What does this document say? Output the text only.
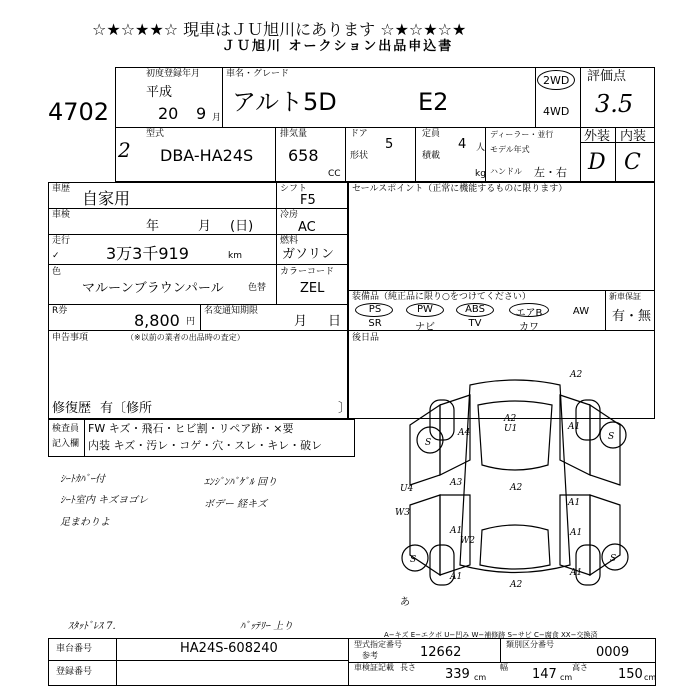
☆★☆★★☆ 現車はＪＵ旭川にあります ☆★☆★☆★
ＪＵ旭川 オークション出品申込書
4702
2
初度登録年月
平成
20 9 月
車名・グレード
アルト5D	E2
2WD
4WD
評価点
3.5
型式
DBA-HA24S
排気量
658
CC
ドア
5
定員
4 人
形状	積載
kg
ディーラー・並行
モデル年式
ハンドル 左・右
外装 内装
D C
車歴 自家用
車検
年	月 (日)
走行
✓	3万3千919	km
色
マルーンブラウンパール	色替
R券	8,800 円
名変通知期限
月 日
シフト
F5
冷房
AC
燃料
ガソリン
カラーコード
ZEL
申告事項	（※以前の業者の出品時の査定）
修復歴 有〔修所	〕
セールスポイント（正常に機能するものに限ります）
装備品（純正品に限り○をつけてください）	新車保証
有・無
PS
SR
PW
ナビ
ABS
TV
エアB
カワ
AW
後日品
検査員
記入欄
FW キズ・飛石・ヒビ割・リペア跡・×要
内装 キズ・汚レ・コゲ・穴・スレ・キレ・破レ
ｼｰﾄｶﾊﾞｰ付
ｼｰﾄ室内 キズヨゴレ
足まわりよ
ｴﾝｼﾞﾝﾊﾞｹﾞﾙ 回り
ボデー 経キズ
ｽﾀｯﾄﾞﾚｽ 7.	ﾊﾞｯﾃﾘｰ 上り
A2
A2
U1
A4
A1
A3	A2
A1
A1
W2
A1
A1	A1
A2
W3
U4
S
S
S	S
あ
A−キズ E−エクボ U−凹み W−補修跡 S−サビ C−腐食 XX−交換済
車台番号	HA24S-608240
登録番号
型式指定番号
参考	12662
類別区分番号
0009
車検証記載 長さ 339 cm
幅 147 cm
高さ 150 cm
